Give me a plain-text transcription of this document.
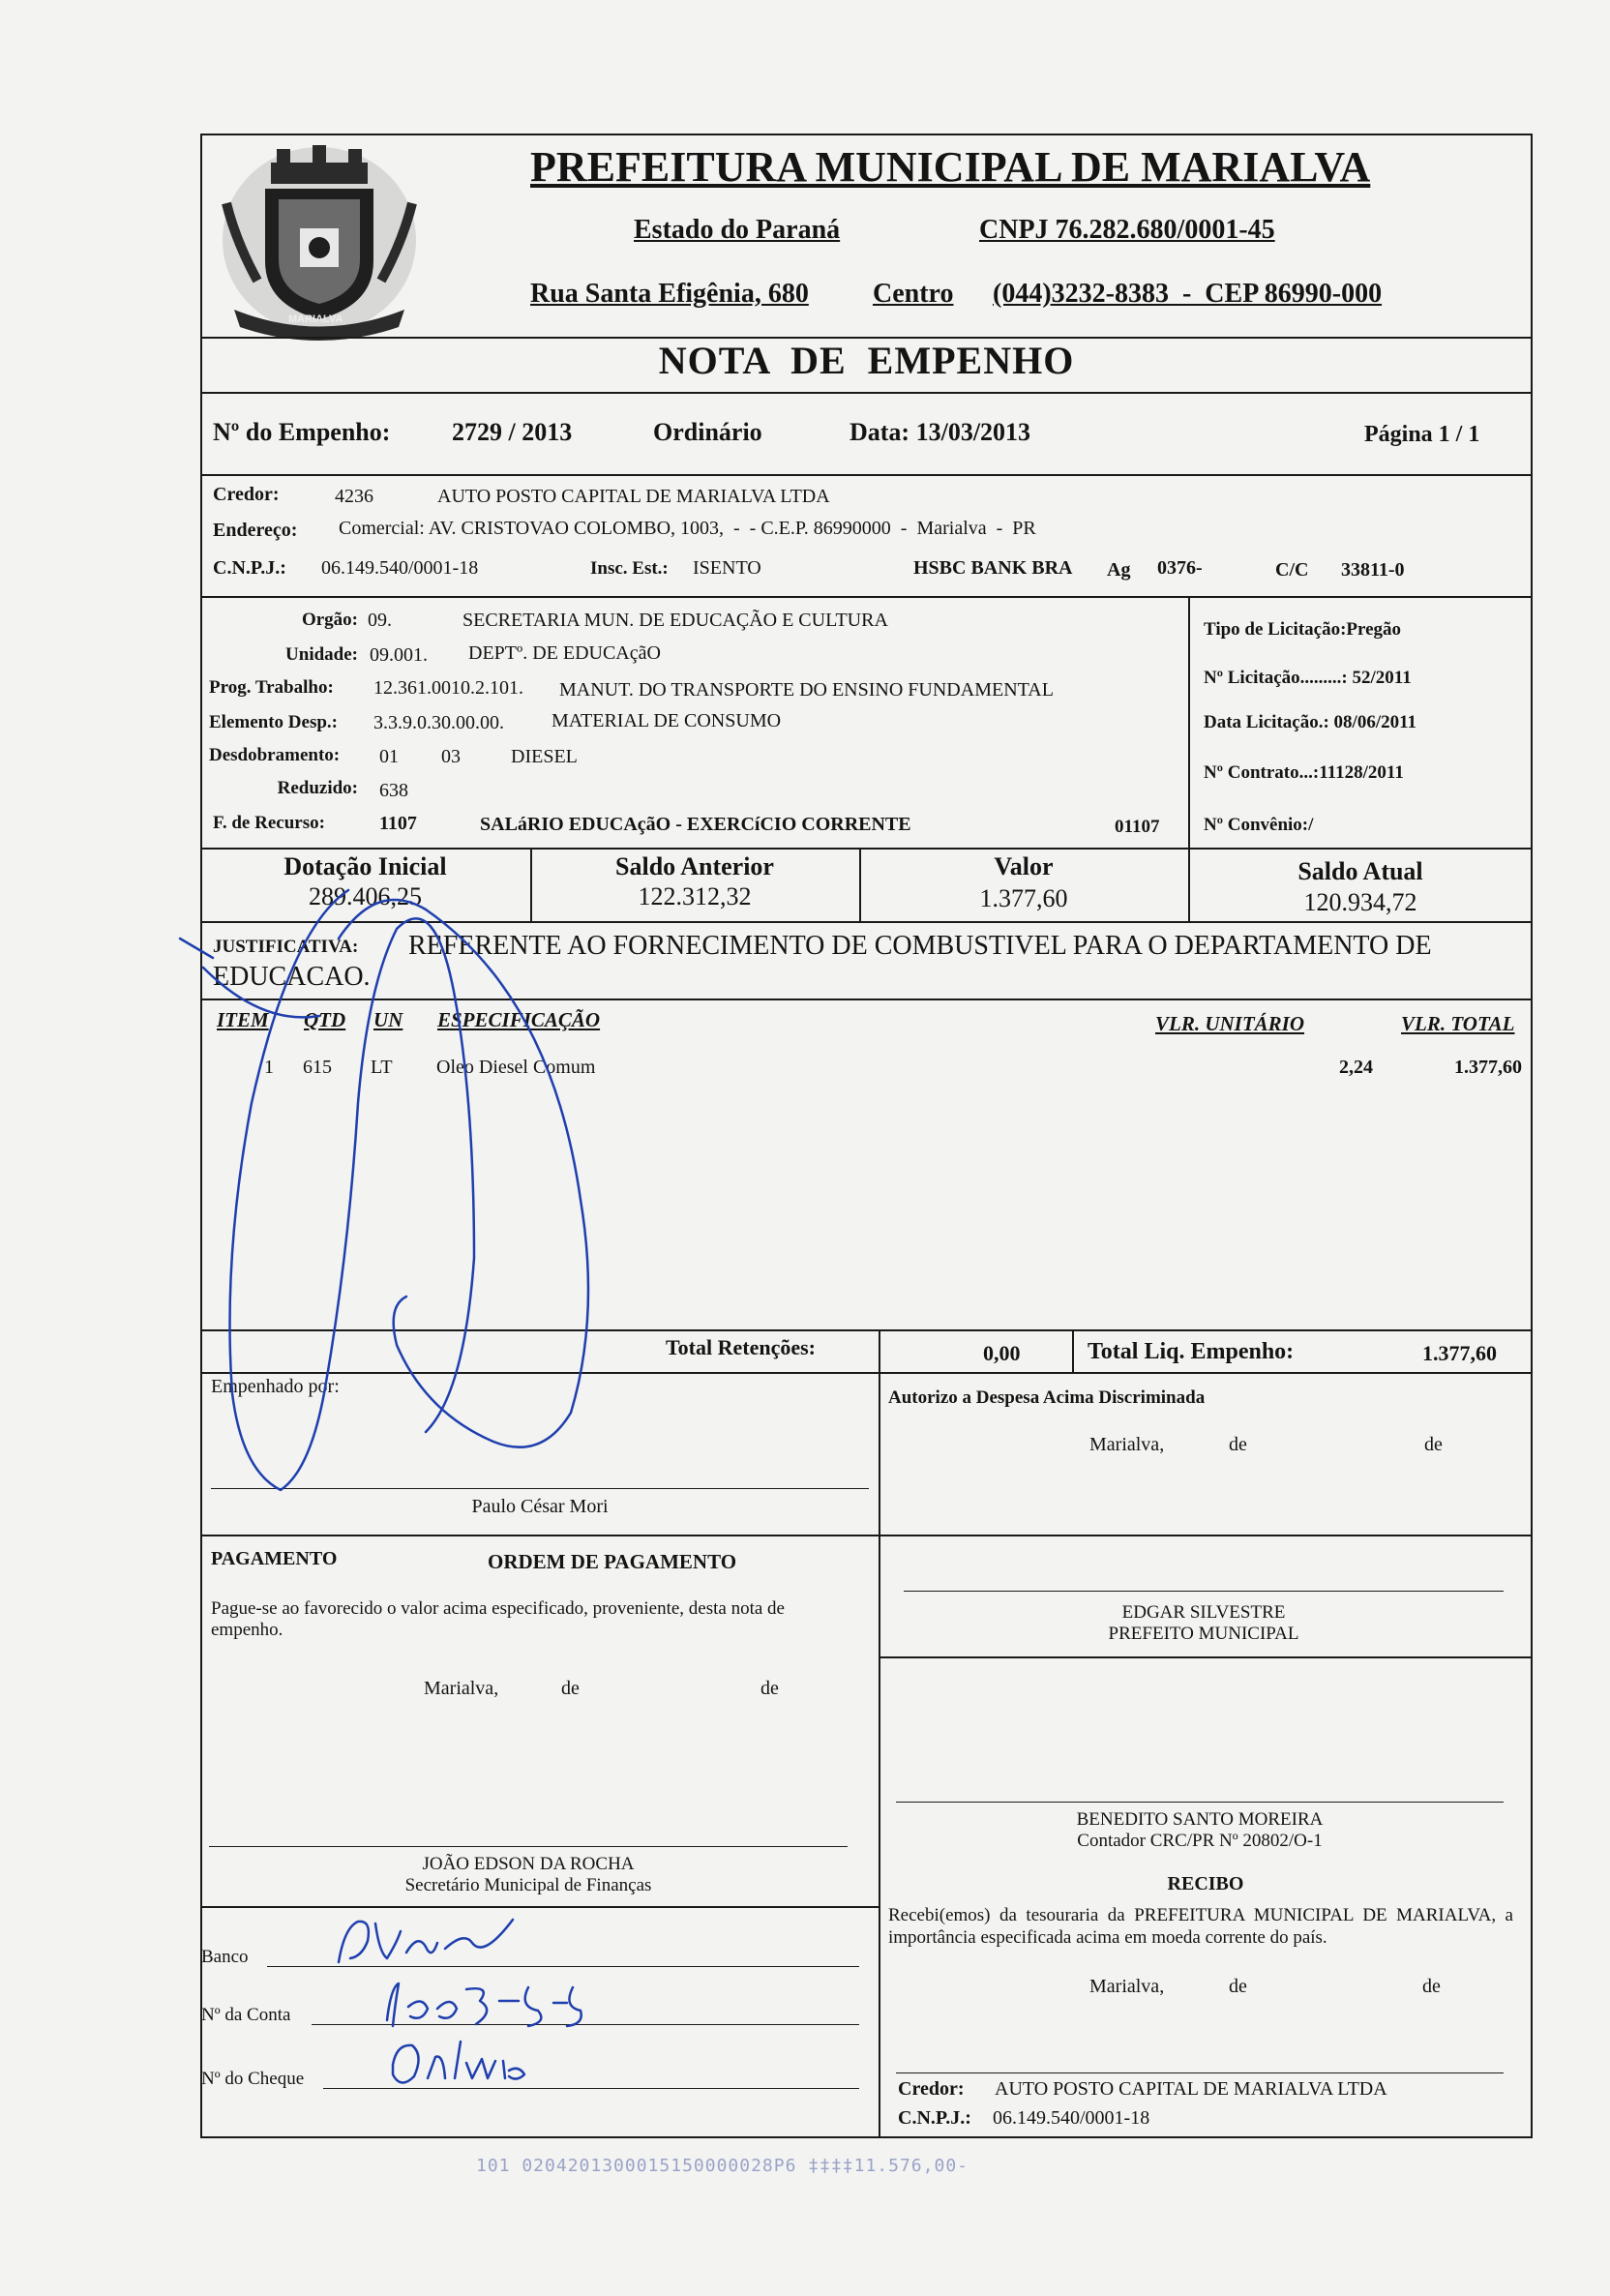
MARIALVA
PREFEITURA MUNICIPAL DE MARIALVA
Estado do Paraná	CNPJ 76.282.680/0001-45
Rua Santa Efigênia, 680 Centro (044)3232-8383  -  CEP 86990-000
NOTA  DE  EMPENHO
Nº do Empenho: 2729 / 2013	Ordinário	Data: 13/03/2013	Página 1 / 1
Credor:	4236	AUTO POSTO CAPITAL DE MARIALVA LTDA
Endereço: Comercial: AV. CRISTOVAO COLOMBO, 1003,  -  - C.E.P. 86990000  -  Marialva  -  PR
C.N.P.J.: 06.149.540/0001-18	Insc. Est.: ISENTO	HSBC BANK BRA Ag 0376-	C/C 33811-0
Orgão: 09.	SECRETARIA MUN. DE EDUCAÇÃO E CULTURA
Unidade: 09.001. DEPTº. DE EDUCAçãO
Prog. Trabalho: 12.361.0010.2.101. MANUT. DO TRANSPORTE DO ENSINO FUNDAMENTAL
Elemento Desp.: 3.3.9.0.30.00.00. MATERIAL DE CONSUMO
Desdobramento: 01 03	DIESEL
Reduzido: 638
F. de Recurso:	1107	SALáRIO EDUCAçãO - EXERCíCIO CORRENTE	01107
Tipo de Licitação:Pregão
Nº Licitação.........: 52/2011
Data Licitação.: 08/06/2011
Nº Contrato...:11128/2011
Nº Convênio:/
Dotação Inicial
289.406,25
Saldo Anterior
122.312,32
Valor
1.377,60
Saldo Atual
120.934,72
JUSTIFICATIVA: REFERENTE AO FORNECIMENTO DE COMBUSTIVEL PARA O DEPARTAMENTO DE
EDUCACAO.
ITEM QTD UN ESPECIFICAÇÃO	VLR. UNITÁRIO	VLR. TOTAL
1 615 LT Oleo Diesel Comum	2,24	1.377,60
Total Retenções:	0,00	Total Liq. Empenho:	1.377,60
Empenhado por:
Paulo César Mori
Autorizo a Despesa Acima Discriminada
Marialva,	de	de
PAGAMENTO	ORDEM DE PAGAMENTO
Pague-se ao favorecido o valor acima especificado, proveniente, desta nota de empenho.
Marialva,	de	de
EDGAR SILVESTRE
PREFEITO MUNICIPAL
BENEDITO SANTO MOREIRA
Contador CRC/PR Nº 20802/O-1
JOÃO EDSON DA ROCHA
Secretário Municipal de Finanças	RECIBO
Recebi(emos) da tesouraria da PREFEITURA MUNICIPAL DE MARIALVA, a importância especificada acima em moeda corrente do país.
Marialva,	de	de
Credor: AUTO POSTO CAPITAL DE MARIALVA LTDA
C.N.P.J.: 06.149.540/0001-18
Banco
Nº da Conta
Nº do Cheque
101 0204201300015150000028P6 ‡‡‡‡11.576,00-
